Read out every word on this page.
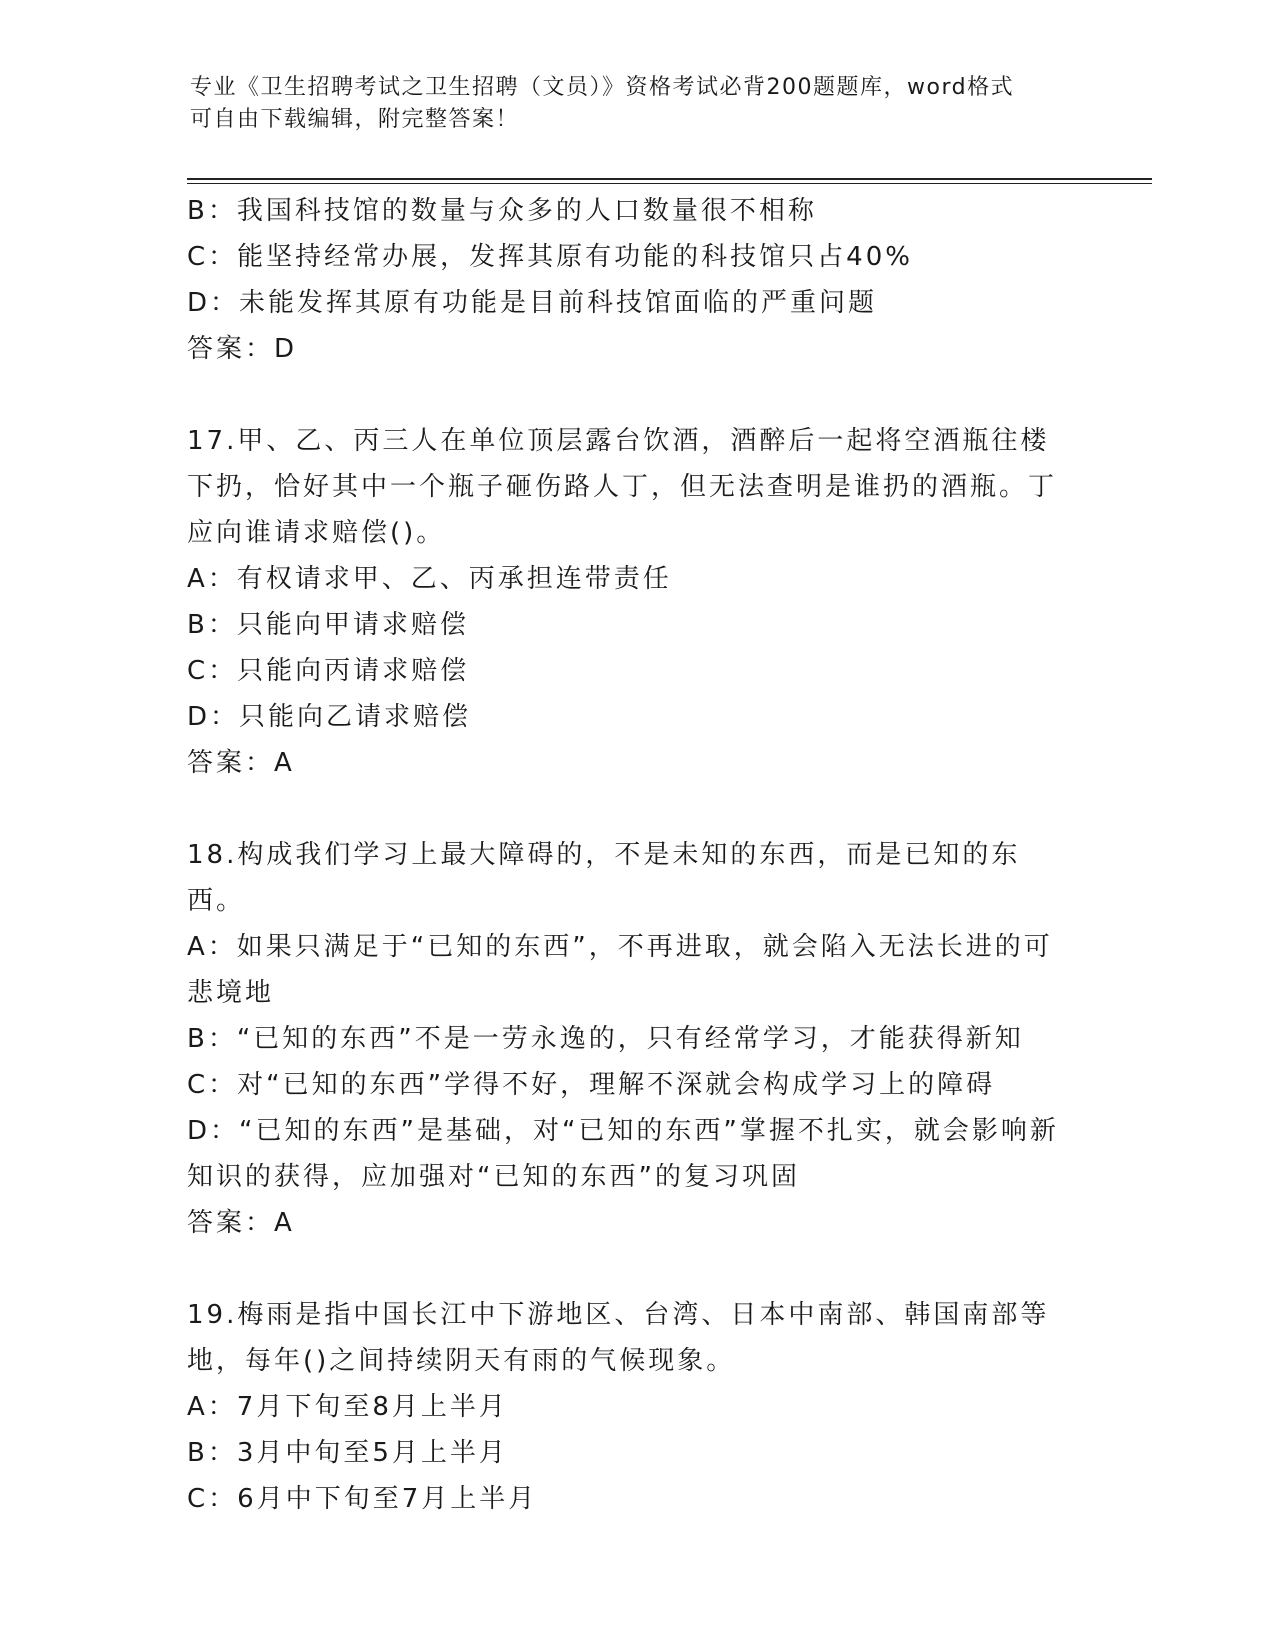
专业《卫生招聘考试之卫生招聘（文员）》资格考试必背200题题库，word格式
可自由下载编辑，附完整答案！

B：我国科技馆的数量与众多的人口数量很不相称

C：能坚持经常办展，发挥其原有功能的科技馆只占40%

D：未能发挥其原有功能是目前科技馆面临的严重问题

答案：D

17.甲、乙、丙三人在单位顶层露台饮酒，酒醉后一起将空酒瓶往楼下扔，恰好其中一个瓶子砸伤路人丁，但无法查明是谁扔的酒瓶。丁应向谁请求赔偿()。

A：有权请求甲、乙、丙承担连带责任

B：只能向甲请求赔偿

C：只能向丙请求赔偿

D：只能向乙请求赔偿

答案：A

18.构成我们学习上最大障碍的，不是未知的东西，而是已知的东西。

A：如果只满足于“已知的东西”，不再进取，就会陷入无法长进的可悲境地

B：“已知的东西”不是一劳永逸的，只有经常学习，才能获得新知

C：对“已知的东西”学得不好，理解不深就会构成学习上的障碍

D：“已知的东西”是基础，对“已知的东西”掌握不扎实，就会影响新知识的获得，应加强对“已知的东西”的复习巩固

答案：A

19.梅雨是指中国长江中下游地区、台湾、日本中南部、韩国南部等地，每年()之间持续阴天有雨的气候现象。

A：7月下旬至8月上半月

B：3月中旬至5月上半月

C：6月中下旬至7月上半月
